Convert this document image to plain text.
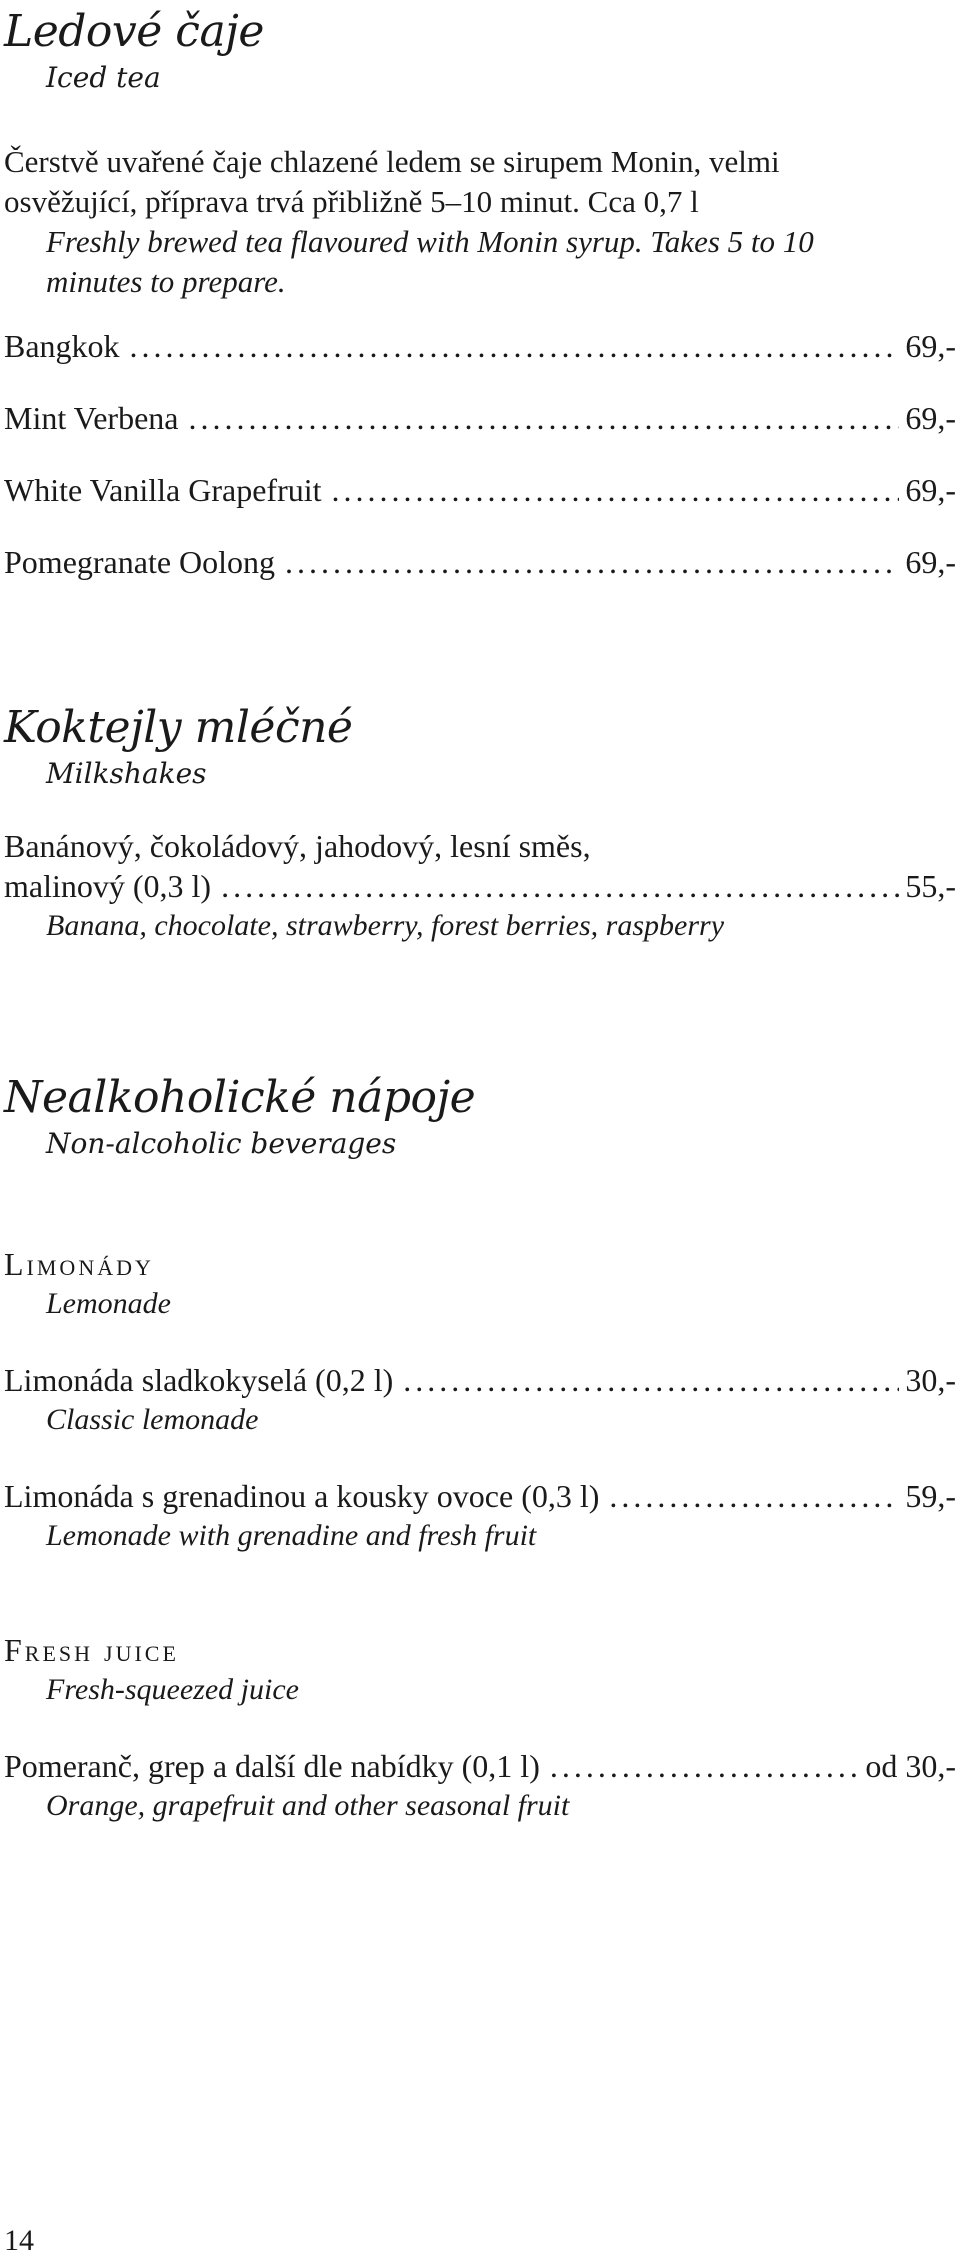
Ledové čaje
Iced tea
Čerstvě uvařené čaje chlazené ledem se sirupem Monin, velmi
osvěžující, příprava trvá přibližně 5–10 minut. Cca 0,7 l
Freshly brewed tea flavoured with Monin syrup. Takes 5 to 10
minutes to prepare.
Bangkok .....	69,-
Mint Verbena .....	69,-
White Vanilla Grapefruit .....	69,-
Pomegranate Oolong .....	69,-
Koktejly mléčné
Milkshakes
Banánový, čokoládový, jahodový, lesní směs,
malinový (0,3 l) .....	55,-
Banana, chocolate, strawberry, forest berries, raspberry
Nealkoholické nápoje
Non-alcoholic beverages
Limonády
Lemonade
Limonáda sladkokyselá (0,2 l) .....	30,-
Classic lemonade
Limonáda s grenadinou a kousky ovoce (0,3 l) .....	59,-
Lemonade with grenadine and fresh fruit
Fresh juice
Fresh-squeezed juice
Pomeranč, grep a další dle nabídky (0,1 l) .....	od 30,-
Orange, grapefruit and other seasonal fruit
14
